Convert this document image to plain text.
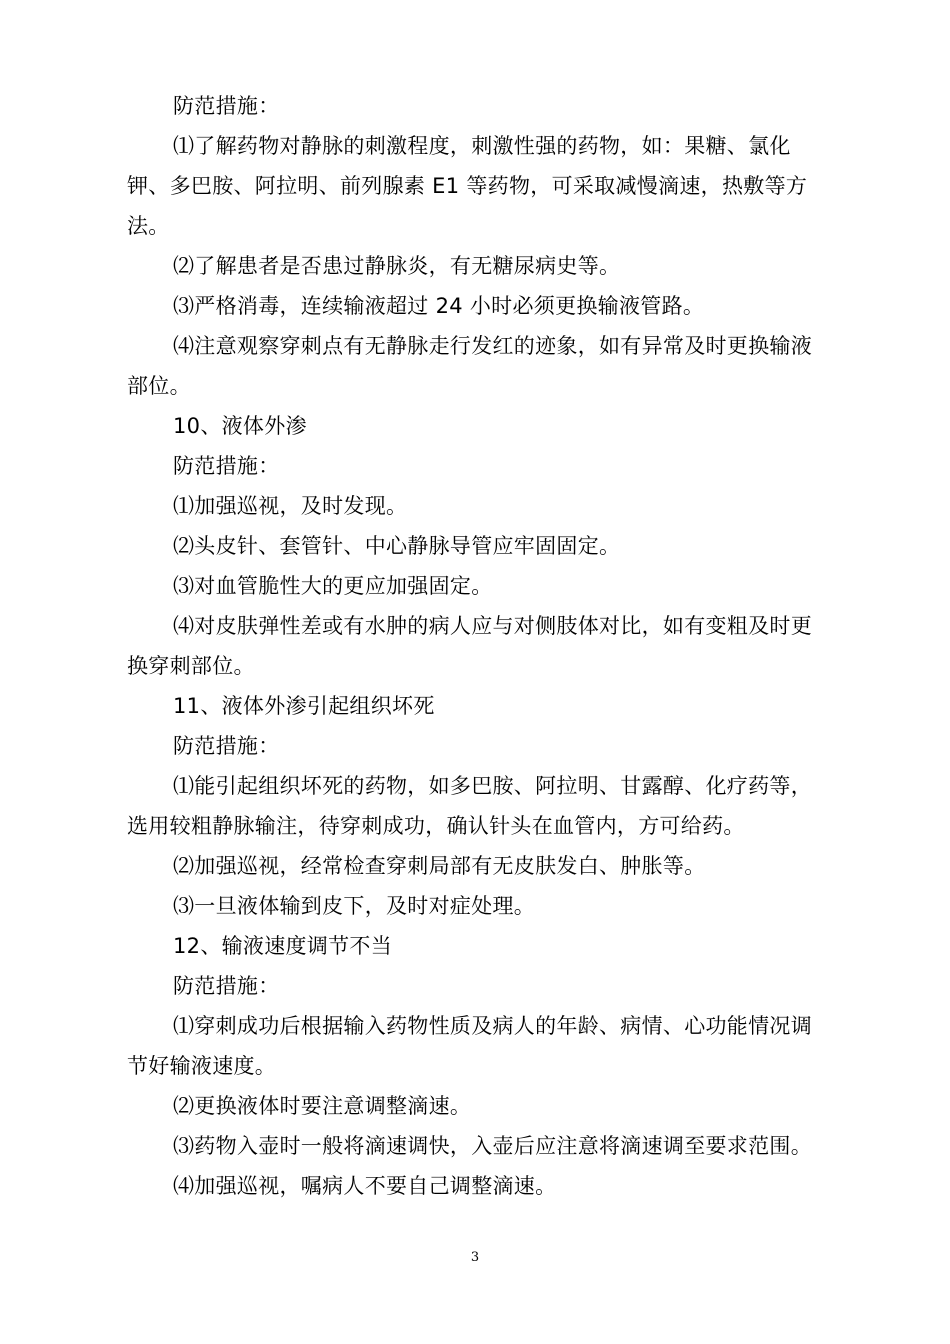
防范措施：

⑴了解药物对静脉的刺激程度，刺激性强的药物，如：果糖、氯化钾、多巴胺、阿拉明、前列腺素 E1 等药物，可采取减慢滴速，热敷等方法。

⑵了解患者是否患过静脉炎，有无糖尿病史等。

⑶严格消毒，连续输液超过 24 小时必须更换输液管路。

⑷注意观察穿刺点有无静脉走行发红的迹象，如有异常及时更换输液部位。

10、液体外渗

防范措施：

⑴加强巡视，及时发现。

⑵头皮针、套管针、中心静脉导管应牢固固定。

⑶对血管脆性大的更应加强固定。

⑷对皮肤弹性差或有水肿的病人应与对侧肢体对比，如有变粗及时更换穿刺部位。

11、液体外渗引起组织坏死

防范措施：

⑴能引起组织坏死的药物，如多巴胺、阿拉明、甘露醇、化疗药等，选用较粗静脉输注，待穿刺成功，确认针头在血管内，方可给药。

⑵加强巡视，经常检查穿刺局部有无皮肤发白、肿胀等。

⑶一旦液体输到皮下，及时对症处理。

12、输液速度调节不当

防范措施：

⑴穿刺成功后根据输入药物性质及病人的年龄、病情、心功能情况调节好输液速度。

⑵更换液体时要注意调整滴速。

⑶药物入壶时一般将滴速调快，入壶后应注意将滴速调至要求范围。

⑷加强巡视，嘱病人不要自己调整滴速。

3
